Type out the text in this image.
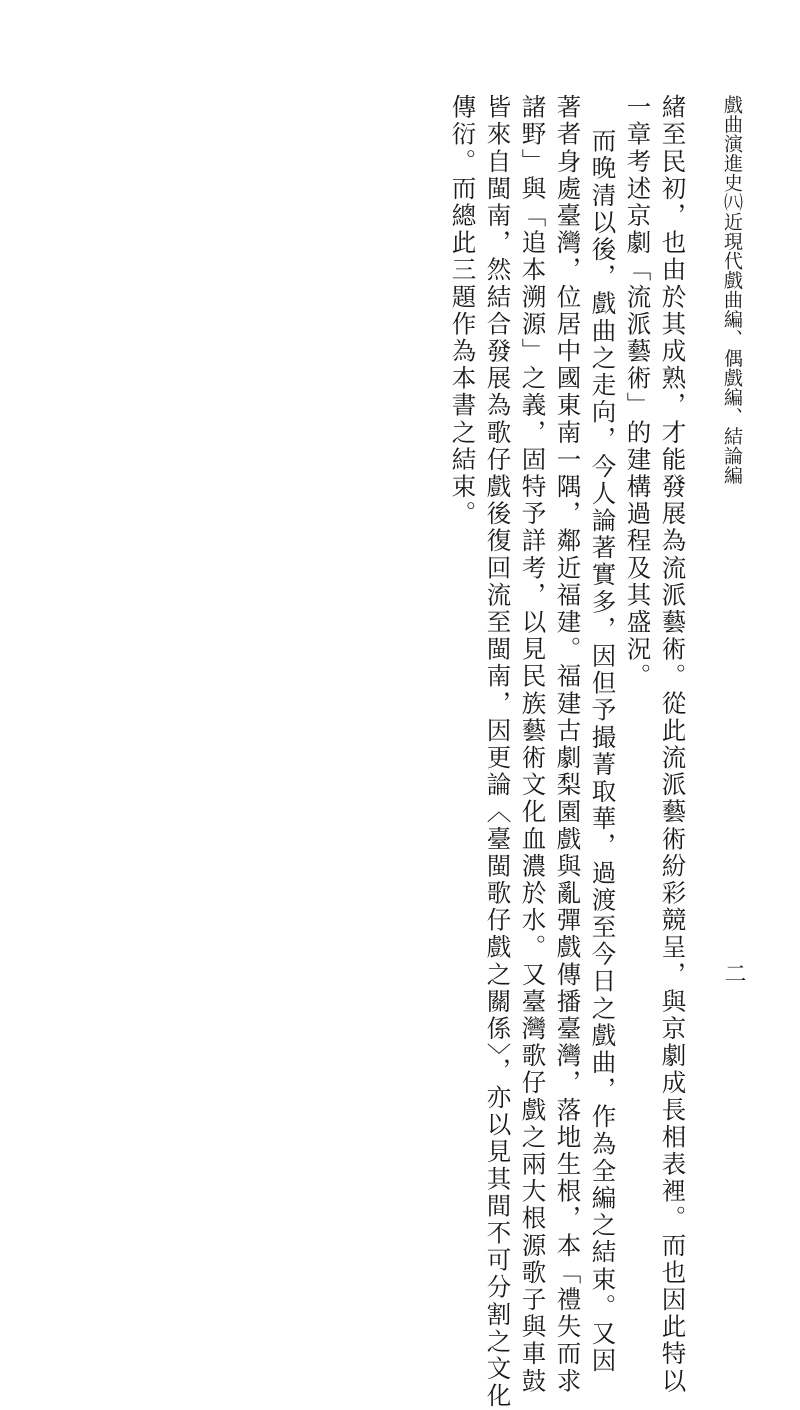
戲曲演進史㈧近現代戲曲編、偶戲編、結論編
二
緒至民初，也由於其成熟，才能發展為流派藝術。從此流派藝術紛彩競呈，與京劇成長相表裡。而也因此特以
一章考述京劇「流派藝術」的建構過程及其盛況。
而晚清以後，戲曲之走向，今人論著實多，因但予撮菁取華，過渡至今日之戲曲，作為全編之結束。又因
著者身處臺灣，位居中國東南一隅，鄰近福建。福建古劇梨園戲與亂彈戲傳播臺灣，落地生根，本「禮失而求
諸野」與「追本溯源」之義，固特予詳考，以見民族藝術文化血濃於水。又臺灣歌仔戲之兩大根源歌子與車鼓
皆來自閩南，然結合發展為歌仔戲後復回流至閩南，因更論〈臺閩歌仔戲之關係〉，亦以見其間不可分割之文化
傳衍。而總此三題作為本書之結束。
